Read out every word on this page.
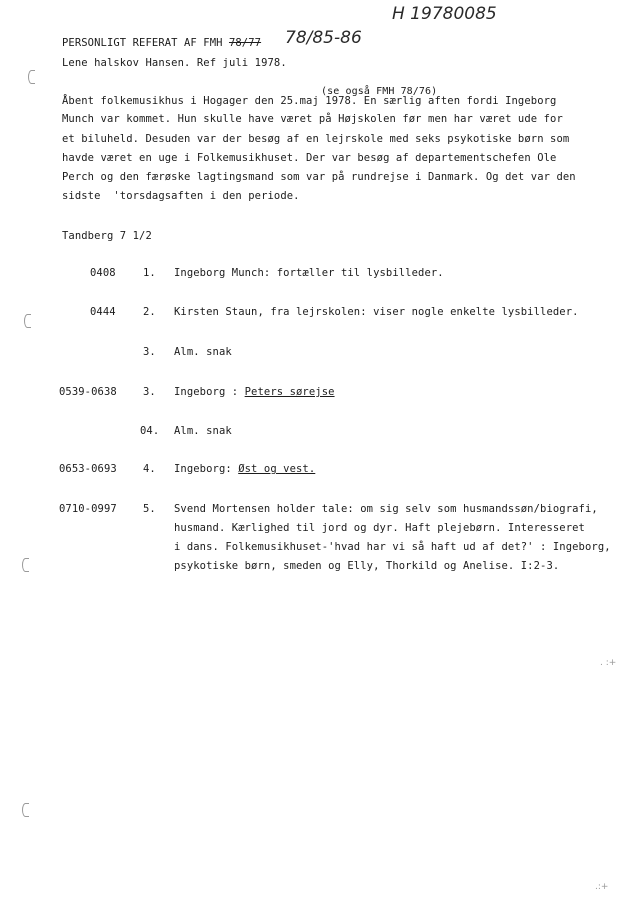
H 19780085
78/85-86
PERSONLIGT REFERAT AF FMH 78/77
Lene halskov Hansen. Ref juli 1978.
(se også FMH 78/76)
Åbent folkemusikhus i Hogager den 25.maj 1978. En særlig aften fordi Ingeborg
Munch var kommet. Hun skulle have været på Højskolen før men har været ude for
et biluheld. Desuden var der besøg af en lejrskole med seks psykotiske børn som
havde været en uge i Folkemusikhuset. Der var besøg af departementschefen Ole
Perch og den færøske lagtingsmand som var på rundrejse i Danmark. Og det var den
sidste  'torsdagsaften i den periode.
Tandberg 7 1/2
0408	1. Ingeborg Munch: fortæller til lysbilleder.
0444	2. Kirsten Staun, fra lejrskolen: viser nogle enkelte lysbilleder.
3. Alm. snak
0539-0638 3. Ingeborg : Peters sørejse
04. Alm. snak
0653-0693 4. Ingeborg: Øst og vest.
0710-0997 5. Svend Mortensen holder tale: om sig selv som husmandssøn/biografi,
husmand. Kærlighed til jord og dyr. Haft plejebørn. Interesseret
i dans. Folkemusikhuset-'hvad har vi så haft ud af det?' : Ingeborg,
psykotiske børn, smeden og Elly, Thorkild og Anelise. I:2-3.
. :+
.:+
